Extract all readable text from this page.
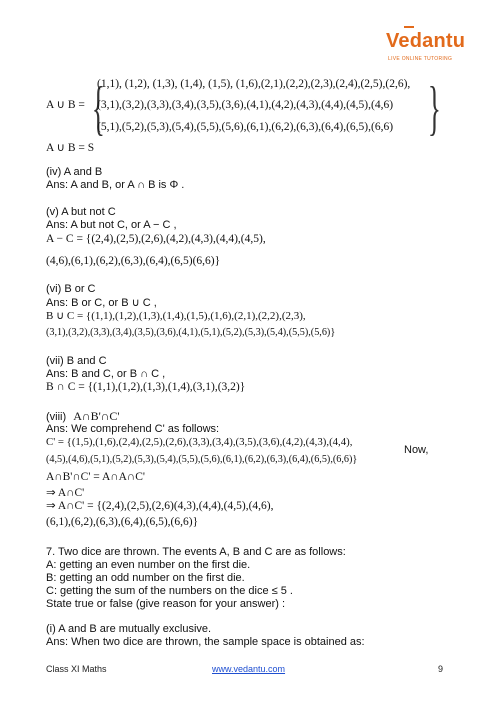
Vedantu
LIVE ONLINE TUTORING
A ∪ B = {
(1,1), (1,2), (1,3), (1,4), (1,5), (1,6),(2,1),(2,2),(2,3),(2,4),(2,5),(2,6),
(3,1),(3,2),(3,3),(3,4),(3,5),(3,6),(4,1),(4,2),(4,3),(4,4),(4,5),(4,6)
(5,1),(5,2),(5,3),(5,4),(5,5),(5,6),(6,1),(6,2),(6,3),(6,4),(6,5),(6,6) }
A ∪ B = S
(iv) A and B
Ans: A and B, or A ∩ B is Φ .
(v) A but not C
Ans: A but not C, or A − C ,
A − C = {(2,4),(2,5),(2,6),(4,2),(4,3),(4,4),(4,5),
(4,6),(6,1),(6,2),(6,3),(6,4),(6,5)(6,6)}
(vi) B or C
Ans: B or C, or B ∪ C ,
B ∪ C = {(1,1),(1,2),(1,3),(1,4),(1,5),(1,6),(2,1),(2,2),(2,3),
(3,1),(3,2),(3,3),(3,4),(3,5),(3,6),(4,1),(5,1),(5,2),(5,3),(5,4),(5,5),(5,6)}
(vii) B and C
Ans: B and C, or B ∩ C ,
B ∩ C = {(1,1),(1,2),(1,3),(1,4),(3,1),(3,2)}
(viii) A∩B'∩C'
Ans: We comprehend C' as follows:
C' = {(1,5),(1,6),(2,4),(2,5),(2,6),(3,3),(3,4),(3,5),(3,6),(4,2),(4,3),(4,4),
Now,
(4,5),(4,6),(5,1),(5,2),(5,3),(5,4),(5,5),(5,6),(6,1),(6,2),(6,3),(6,4),(6,5),(6,6)}
A∩B'∩C' = A∩A∩C'
⇒ A∩C'
⇒ A∩C' = {(2,4),(2,5),(2,6)(4,3),(4,4),(4,5),(4,6),
(6,1),(6,2),(6,3),(6,4),(6,5),(6,6)}
7. Two dice are thrown. The events A, B and C are as follows:
A: getting an even number on the first die.
B: getting an odd number on the first die.
C: getting the sum of the numbers on the dice ≤ 5 .
State true or false (give reason for your answer) :
(i) A and B are mutually exclusive.
Ans: When two dice are thrown, the sample space is obtained as:
Class XI Maths	www.vedantu.com	9
